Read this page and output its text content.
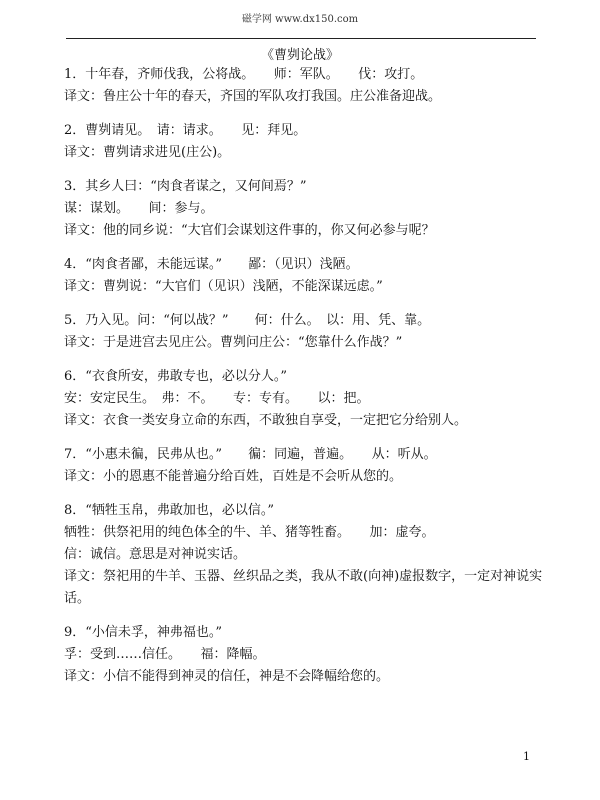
磁学网 www.dx150.com
《曹刿论战》
1．十年春，齐师伐我，公将战。　　师：军队。　　伐：攻打。
译文：鲁庄公十年的春天，齐国的军队攻打我国。庄公准备迎战。
2．曹刿请见。　请：请求。　　见：拜见。
译文：曹刿请求进见(庄公)。
3．其乡人曰：“肉食者谋之，又何间焉？”
谋：谋划。　　间：参与。
译文：他的同乡说：“大官们会谋划这件事的，你又何必参与呢？
4．“肉食者鄙，未能远谋。”　　鄙：（见识）浅陋。
译文：曹刿说：“大官们（见识）浅陋，不能深谋远虑。”
5．乃入见。问：“何以战？”　　何：什么。　以：用、凭、靠。
译文：于是进宫去见庄公。曹刿问庄公：“您靠什么作战？”
6．“衣食所安，弗敢专也，必以分人。”
安：安定民生。　弗：不。　　专：专有。　　以：把。
译文：衣食一类安身立命的东西，不敢独自享受，一定把它分给别人。
7．“小惠未徧，民弗从也。”　　徧：同遍，普遍。　　从：听从。
译文：小的恩惠不能普遍分给百姓，百姓是不会听从您的。
8．“牺牲玉帛，弗敢加也，必以信。”
牺牲：供祭祀用的纯色体全的牛、羊、猪等牲畜。　　加：虚夸。
信：诚信。意思是对神说实话。
译文：祭祀用的牛羊、玉器、丝织品之类，我从不敢(向神)虚报数字，一定对神说实话。
9．“小信未孚，神弗福也。”
孚：受到……信任。　　福：降幅。
译文：小信不能得到神灵的信任，神是不会降幅给您的。
1
